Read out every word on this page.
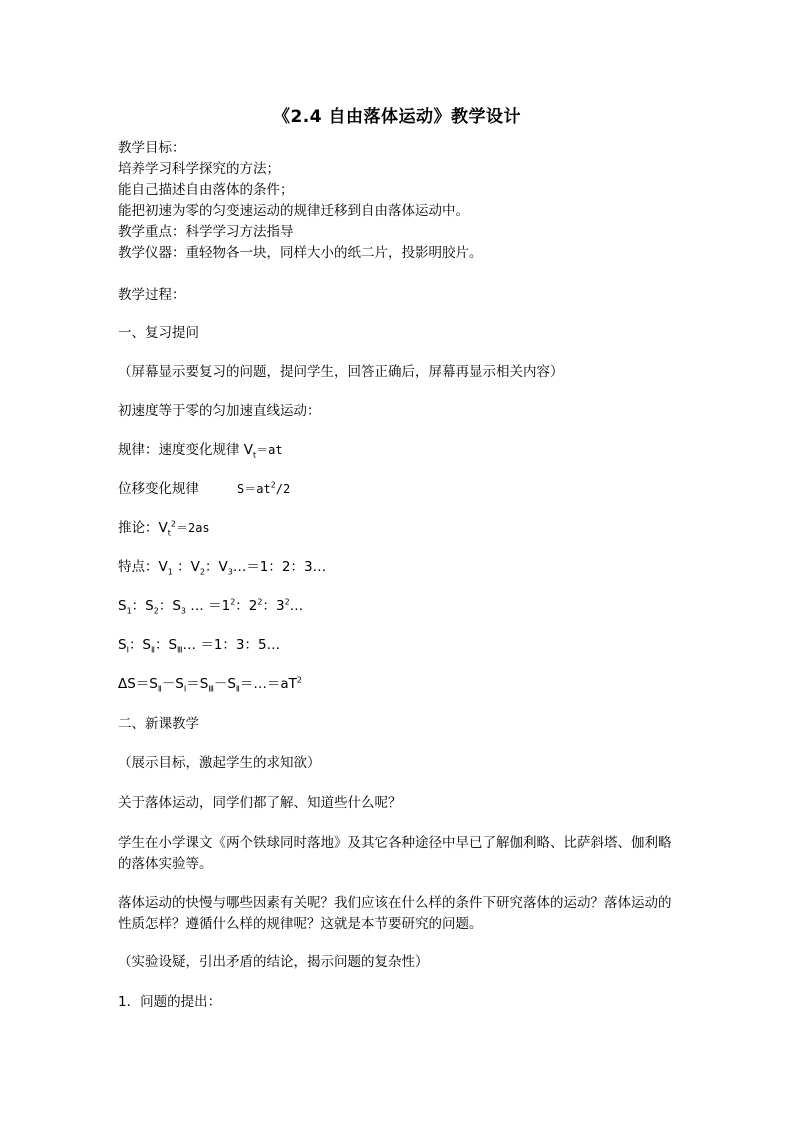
《2.4 自由落体运动》教学设计
教学目标：
培养学习科学探究的方法；
能自己描述自由落体的条件；
能把初速为零的匀变速运动的规律迁移到自由落体运动中。
教学重点：科学学习方法指导
教学仪器：重轻物各一块，同样大小的纸二片，投影明胶片。
教学过程：
一、复习提问
（屏幕显示要复习的问题，提问学生，回答正确后，屏幕再显示相关内容）
初速度等于零的匀加速直线运动：
规律：速度变化规律 $V_t=at$
位移变化规律	$S=at^2/2$
推论：$V_t^2=2as$
特点：$V_1$ ：$V_2$：$V_3\dots=1$：2：3…
$S_1$：$S_2$：$S_3$ … $=1^2$：$2^2$：$3^2\dots$
$S_Ⅰ$：$S_Ⅱ$：$S_Ⅲ\dots =1$：3：5…
$\Delta S=S_Ⅱ-S_Ⅰ=S_Ⅲ-S_Ⅱ=\dots=aT^2$
二、新课教学
（展示目标，激起学生的求知欲）
关于落体运动，同学们都了解、知道些什么呢？
学生在小学课文《两个铁球同时落地》及其它各种途径中早已了解伽利略、比萨斜塔、伽利略的落体实验等。
落体运动的快慢与哪些因素有关呢？我们应该在什么样的条件下研究落体的运动？落体运动的性质怎样？遵循什么样的规律呢？这就是本节要研究的问题。
（实验设疑，引出矛盾的结论，揭示问题的复杂性）
1．问题的提出：
